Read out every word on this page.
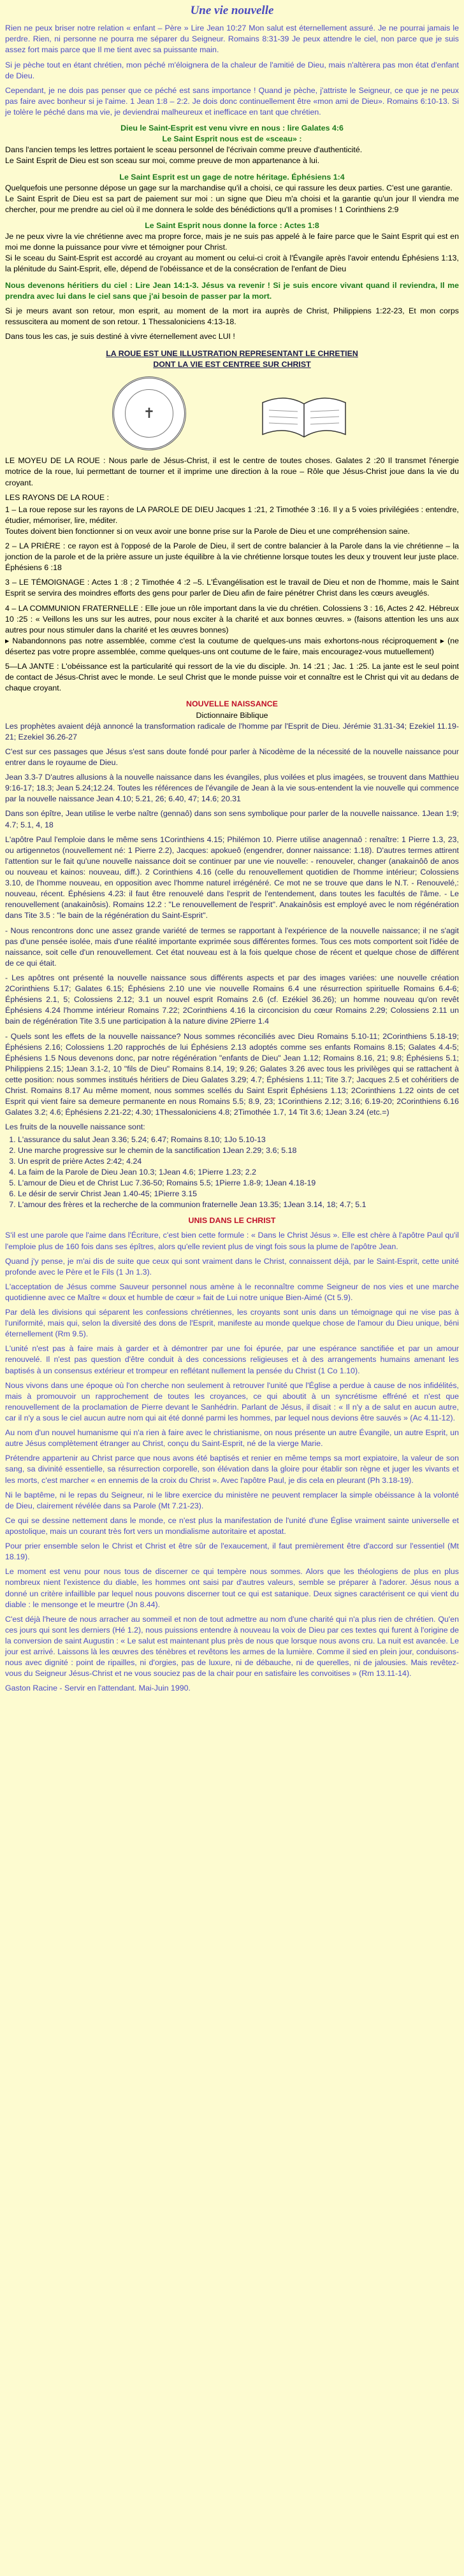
Une vie nouvelle

Rien ne peux briser notre relation « enfant – Père » Lire Jean 10:27 Mon salut est éternellement assuré. Je ne pourrai jamais le perdre. Rien, ni personne ne pourra me séparer du Seigneur. Romains 8:31-39 Je peux attendre le ciel, non parce que je suis assez fort mais parce que Il me tient avec sa puissante main.

Si je pèche tout en étant chrétien, mon péché m'éloignera de la chaleur de l'amitié de Dieu, mais n'altèrera pas mon état d'enfant de Dieu.

Cependant, je ne dois pas penser que ce péché est sans importance ! Quand je pèche, j'attriste le Seigneur, ce que je ne peux pas faire avec bonheur si je l'aime. 1 Jean 1:8 – 2:2. Je dois donc continuellement être «mon ami de Dieu». Romains 6:10-13. Si je tolère le péché dans ma vie, je deviendrai malheureux et inefficace en tant que chrétien.

Dieu le Saint-Esprit est venu vivre en nous : lire Galates 4:6
Le Saint Esprit nous est de «sceau» :

Dans l'ancien temps les lettres portaient le sceau personnel de l'écrivain comme preuve d'authenticité.

Le Saint Esprit de Dieu est son sceau sur moi, comme preuve de mon appartenance à lui.

Le Saint Esprit est un gage de notre héritage. Éphésiens 1:4

Quelquefois une personne dépose un gage sur la marchandise qu'il a choisi, ce qui rassure les deux parties. C'est une garantie.

Le Saint Esprit de Dieu est sa part de paiement sur moi : un signe que Dieu m'a choisi et la garantie qu'un jour Il viendra me chercher, pour me prendre au ciel où il me donnera le solde des bénédictions qu'Il a promises ! 1 Corinthiens 2:9

Le Saint Esprit nous donne la force : Actes 1:8

Je ne peux vivre la vie chrétienne avec ma propre force, mais je ne suis pas appelé à le faire parce que le Saint Esprit qui est en moi me donne la puissance pour vivre et témoigner pour Christ.

Si le sceau du Saint-Esprit est accordé au croyant au moment ou celui-ci croit à l'Évangile après l'avoir entendu Éphésiens 1:13, la plénitude du Saint-Esprit, elle, dépend de l'obéissance et de la consécration de l'enfant de Dieu

Nous devenons héritiers du ciel : Lire Jean 14:1-3. Jésus va revenir ! Si je suis encore vivant quand il reviendra, Il me prendra avec lui dans le ciel sans que j'ai besoin de passer par la mort.

Si je meurs avant son retour, mon esprit, au moment de la mort ira auprès de Christ, Philippiens 1:22-23, Et mon corps ressuscitera au moment de son retour. 1 Thessaloniciens 4:13-18.

Dans tous les cas, je suis destiné à vivre éternellement avec LUI !

LA ROUE EST UNE ILLUSTRATION REPRESENTANT LE CHRETIEN
DONT LA VIE EST CENTREE SUR CHRIST
✝

LE MOYEU DE LA ROUE : Nous parle de Jésus-Christ, il est le centre de toutes choses. Galates 2 :20 Il transmet l'énergie motrice de la roue, lui permettant de tourner et il imprime une direction à la roue – Rôle que Jésus-Christ joue dans la vie du croyant.

LES RAYONS DE LA ROUE :

1 – La roue repose sur les rayons de LA PAROLE DE DIEU Jacques 1 :21, 2 Timothée 3 :16. Il y a 5 voies privilégiées : entendre, étudier, mémoriser, lire, méditer.

Toutes doivent bien fonctionner si on veux avoir une bonne prise sur la Parole de Dieu et une compréhension saine.

2 – LA PRIÈRE : ce rayon est à l'opposé de la Parole de Dieu, il sert de contre balancier à la Parole dans la vie chrétienne – la jonction de la parole et de la prière assure un juste équilibre à la vie chrétienne lorsque toutes les deux y trouvent leur juste place. Éphésiens 6 :18

3 – LE TÉMOIGNAGE : Actes 1 :8 ; 2 Timothée 4 :2 –5. L'Évangélisation est le travail de Dieu et non de l'homme, mais le Saint Esprit se servira des moindres efforts des gens pour parler de Dieu afin de faire pénétrer Christ dans les cœurs aveuglés.

4 – LA COMMUNION FRATERNELLE : Elle joue un rôle important dans la vie du chrétien. Colossiens 3 : 16, Actes 2 42. Hébreux 10 :25 : « Veillons les uns sur les autres, pour nous exciter à la charité et aux bonnes œuvres. » (faisons attention les uns aux autres pour nous stimuler dans la charité et les œuvres bonnes)

▸ Nabandonnons pas notre assemblée, comme c'est la coutume de quelques-uns mais exhortons-nous réciproquement ▸ (ne désertez pas votre propre assemblée, comme quelques-uns ont coutume de le faire, mais encouragez-vous mutuellement)

5—LA JANTE : L'obéissance est la particularité qui ressort de la vie du disciple. Jn. 14 :21 ; Jac. 1 :25. La jante est le seul point de contact de Jésus-Christ avec le monde. Le seul Christ que le monde puisse voir et connaître est le Christ qui vit au dedans de chaque croyant.

NOUVELLE NAISSANCE
Dictionnaire Biblique

Les prophètes avaient déjà annoncé la transformation radicale de l'homme par l'Esprit de Dieu. Jérémie 31.31-34; Ezekiel 11.19-21; Ezekiel 36.26-27

C'est sur ces passages que Jésus s'est sans doute fondé pour parler à Nicodème de la nécessité de la nouvelle naissance pour entrer dans le royaume de Dieu.

Jean 3.3-7 D'autres allusions à la nouvelle naissance dans les évangiles, plus voilées et plus imagées, se trouvent dans Matthieu 9:16-17; 18.3; Jean 5.24;12.24. Toutes les références de l'évangile de Jean à la vie sous-entendent la vie nouvelle qui commence par la nouvelle naissance Jean 4.10; 5.21, 26; 6.40, 47; 14.6; 20.31

Dans son épître, Jean utilise le verbe naître (gennaô) dans son sens symbolique pour parler de la nouvelle naissance. 1Jean 1:9; 4.7; 5.1, 4, 18

L'apôtre Paul l'emploie dans le même sens 1Corinthiens 4.15; Philémon 10. Pierre utilise anagennaô : renaître: 1 Pierre 1.3, 23, ou artigennetos (nouvellement né: 1 Pierre 2.2), Jacques: apokueô (engendrer, donner naissance: 1.18). D'autres termes attirent l'attention sur le fait qu'une nouvelle naissance doit se continuer par une vie nouvelle: - renouveler, changer (anakainôô de anos ou nouveau et kainos: nouveau, diff.). 2 Corinthiens 4.16 (celle du renouvellement quotidien de l'homme intérieur; Colossiens 3.10, de l'homme nouveau, en opposition avec l'homme naturel irrégénéré. Ce mot ne se trouve que dans le N.T. - Renouvelé,: nouveau, récent. Éphésiens 4.23: il faut être renouvelé dans l'esprit de l'entendement, dans toutes les facultés de l'âme. - Le renouvellement (anakainôsis). Romains 12.2 : "Le renouvellement de l'esprit". Anakainôsis est employé avec le nom régénération dans Tite 3.5 : "le bain de la régénération du Saint-Esprit".

- Nous rencontrons donc une assez grande variété de termes se rapportant à l'expérience de la nouvelle naissance; il ne s'agit pas d'une pensée isolée, mais d'une réalité importante exprimée sous différentes formes. Tous ces mots comportent soit l'idée de naissance, soit celle d'un renouvellement. Cet état nouveau est à la fois quelque chose de récent et quelque chose de différent de ce qui était.

- Les apôtres ont présenté la nouvelle naissance sous différents aspects et par des images variées: une nouvelle création 2Corinthiens 5.17; Galates 6.15; Éphésiens 2.10 une vie nouvelle Romains 6.4 une résurrection spirituelle Romains 6.4-6; Éphésiens 2.1, 5; Colossiens 2.12; 3.1 un nouvel esprit Romains 2.6 (cf. Ezékiel 36.26); un homme nouveau qu'on revêt Éphésiens 4.24 l'homme intérieur Romains 7.22; 2Corinthiens 4.16 la circoncision du cœur Romains 2.29; Colossiens 2.11 un bain de régénération Tite 3.5 une participation à la nature divine 2Pierre 1.4

- Quels sont les effets de la nouvelle naissance? Nous sommes réconciliés avec Dieu Romains 5.10-11; 2Corinthiens 5.18-19; Éphésiens 2.16; Colossiens 1.20 rapprochés de lui Éphésiens 2.13 adoptés comme ses enfants Romains 8.15; Galates 4.4-5; Éphésiens 1.5 Nous devenons donc, par notre régénération "enfants de Dieu" Jean 1.12; Romains 8.16, 21; 9.8; Éphésiens 5.1; Philippiens 2.15; 1Jean 3.1-2, 10 "fils de Dieu" Romains 8.14, 19; 9.26; Galates 3.26 avec tous les privilèges qui se rattachent à cette position: nous sommes institués héritiers de Dieu Galates 3.29; 4.7; Éphésiens 1.11; Tite 3.7; Jacques 2.5 et cohéritiers de Christ. Romains 8.17 Au même moment, nous sommes scellés du Saint Esprit Éphésiens 1.13; 2Corinthiens 1.22 oints de cet Esprit qui vient faire sa demeure permanente en nous Romains 5.5; 8.9, 23; 1Corinthiens 2.12; 3.16; 6.19-20; 2Corinthiens 6.16 Galates 3.2; 4.6; Éphésiens 2.21-22; 4.30; 1Thessaloniciens 4.8; 2Timothée 1.7, 14 Tit 3.6; 1Jean 3.24 (etc.=)

Les fruits de la nouvelle naissance sont:
1. L'assurance du salut Jean 3.36; 5.24; 6.47; Romains 8.10; 1Jo 5.10-13
2. Une marche progressive sur le chemin de la sanctification 1Jean 2.29; 3.6; 5.18
3. Un esprit de prière Actes 2:42; 4.24
4. La faim de la Parole de Dieu Jean 10.3; 1Jean 4.6; 1Pierre 1.23; 2.2
5. L'amour de Dieu et de Christ Luc 7.36-50; Romains 5.5; 1Pierre 1.8-9; 1Jean 4.18-19
6. Le désir de servir Christ Jean 1.40-45; 1Pierre 3.15
7. L'amour des frères et la recherche de la communion fraternelle Jean 13.35; 1Jean 3.14, 18; 4.7; 5.1
UNIS DANS LE CHRIST

S'il est une parole que l'aime dans l'Écriture, c'est bien cette formule : « Dans le Christ Jésus ». Elle est chère à l'apôtre Paul qu'il l'emploie plus de 160 fois dans ses épîtres, alors qu'elle revient plus de vingt fois sous la plume de l'apôtre Jean.

Quand j'y pense, je m'ai dis de suite que ceux qui sont vraiment dans le Christ, connaissent déjà, par le Saint-Esprit, cette unité profonde avec le Père et le Fils (1 Jn 1.3).

L'acceptation de Jésus comme Sauveur personnel nous amène à le reconnaître comme Seigneur de nos vies et une marche quotidienne avec ce Maître « doux et humble de cœur » fait de Lui notre unique Bien-Aimé (Ct 5.9).

Par delà les divisions qui séparent les confessions chrétiennes, les croyants sont unis dans un témoignage qui ne vise pas à l'uniformité, mais qui, selon la diversité des dons de l'Esprit, manifeste au monde quelque chose de l'amour du Dieu unique, béni éternellement (Rm 9.5).

L'unité n'est pas à faire mais à garder et à démontrer par une foi épurée, par une espérance sanctifiée et par un amour renouvelé. Il n'est pas question d'être conduit à des concessions religieuses et à des arrangements humains amenant les baptisés à un consensus extérieur et trompeur en reflétant nullement la pensée du Christ (1 Co 1.10).

Nous vivons dans une époque où l'on cherche non seulement à retrouver l'unité que l'Église a perdue à cause de nos infidélités, mais à promouvoir un rapprochement de toutes les croyances, ce qui aboutit à un syncrétisme effréné et n'est que renouvellement de la proclamation de Pierre devant le Sanhédrin. Parlant de Jésus, il disait : « Il n'y a de salut en aucun autre, car il n'y a sous le ciel aucun autre nom qui ait été donné parmi les hommes, par lequel nous devions être sauvés » (Ac 4.11-12).

Au nom d'un nouvel humanisme qui n'a rien à faire avec le christianisme, on nous présente un autre Évangile, un autre Esprit, un autre Jésus complètement étranger au Christ, conçu du Saint-Esprit, né de la vierge Marie.

Prétendre appartenir au Christ parce que nous avons été baptisés et renier en même temps sa mort expiatoire, la valeur de son sang, sa divinité essentielle, sa résurrection corporelle, son élévation dans la gloire pour établir son règne et juger les vivants et les morts, c'est marcher « en ennemis de la croix du Christ ». Avec l'apôtre Paul, je dis cela en pleurant (Ph 3.18-19).

Ni le baptême, ni le repas du Seigneur, ni le libre exercice du ministère ne peuvent remplacer la simple obéissance à la volonté de Dieu, clairement révélée dans sa Parole (Mt 7.21-23).

Ce qui se dessine nettement dans le monde, ce n'est plus la manifestation de l'unité d'une Église vraiment sainte universelle et apostolique, mais un courant très fort vers un mondialisme autoritaire et apostat.

Pour prier ensemble selon le Christ et Christ et être sûr de l'exaucement, il faut premièrement être d'accord sur l'essentiel (Mt 18.19).

Le moment est venu pour nous tous de discerner ce qui tempère nous sommes. Alors que les théologiens de plus en plus nombreux nient l'existence du diable, les hommes ont saisi par d'autres valeurs, semble se préparer à l'adorer. Jésus nous a donné un critère infaillible par lequel nous pouvons discerner tout ce qui est satanique. Deux signes caractérisent ce qui vient du diable : le mensonge et le meurtre (Jn 8.44).

C'est déjà l'heure de nous arracher au sommeil et non de tout admettre au nom d'une charité qui n'a plus rien de chrétien. Qu'en ces jours qui sont les derniers (Hé 1.2), nous puissions entendre à nouveau la voix de Dieu par ces textes qui furent à l'origine de la conversion de saint Augustin : « Le salut est maintenant plus près de nous que lorsque nous avons cru. La nuit est avancée. Le jour est arrivé. Laissons là les œuvres des ténèbres et revêtons les armes de la lumière. Comme il sied en plein jour, conduisons-nous avec dignité : point de ripailles, ni d'orgies, pas de luxure, ni de débauche, ni de querelles, ni de jalousies. Mais revêtez-vous du Seigneur Jésus-Christ et ne vous souciez pas de la chair pour en satisfaire les convoitises » (Rm 13.11-14).

Gaston Racine - Servir en l'attendant. Mai-Juin 1990.
